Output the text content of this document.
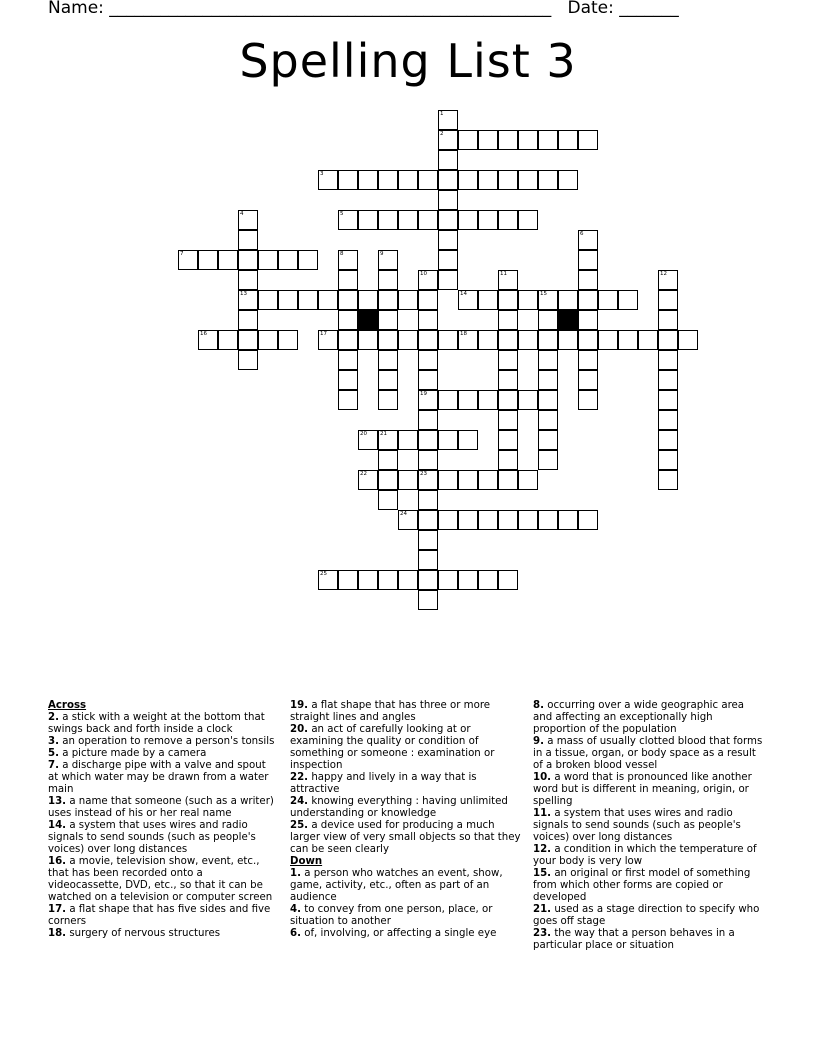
Name: ____________________________________________________   Date: _______
Spelling List 3
2
3
5
7
13	14
16	17	18
19
20
22
24
25
1
4
6
8	9
10	11	12
15
21
23
Across
2. a stick with a weight at the bottom that swings back and forth inside a clock
3. an operation to remove a person's tonsils
5. a picture made by a camera
7. a discharge pipe with a valve and spout at which water may be drawn from a water main
13. a name that someone (such as a writer) uses instead of his or her real name
14. a system that uses wires and radio signals to send sounds (such as people's voices) over long distances
16. a movie, television show, event, etc., that has been recorded onto a videocassette, DVD, etc., so that it can be watched on a television or computer screen
17. a flat shape that has five sides and five corners
18. surgery of nervous structures
19. a flat shape that has three or more straight lines and angles
20. an act of carefully looking at or examining the quality or condition of something or someone : examination or inspection
22. happy and lively in a way that is attractive
24. knowing everything : having unlimited understanding or knowledge
25. a device used for producing a much larger view of very small objects so that they can be seen clearly
Down
1. a person who watches an event, show, game, activity, etc., often as part of an audience
4. to convey from one person, place, or situation to another
6. of, involving, or affecting a single eye
8. occurring over a wide geographic area and affecting an exceptionally high proportion of the population
9. a mass of usually clotted blood that forms in a tissue, organ, or body space as a result of a broken blood vessel
10. a word that is pronounced like another word but is different in meaning, origin, or spelling
11. a system that uses wires and radio signals to send sounds (such as people's voices) over long distances
12. a condition in which the temperature of your body is very low
15. an original or first model of something from which other forms are copied or developed
21. used as a stage direction to specify who goes off stage
23. the way that a person behaves in a particular place or situation
